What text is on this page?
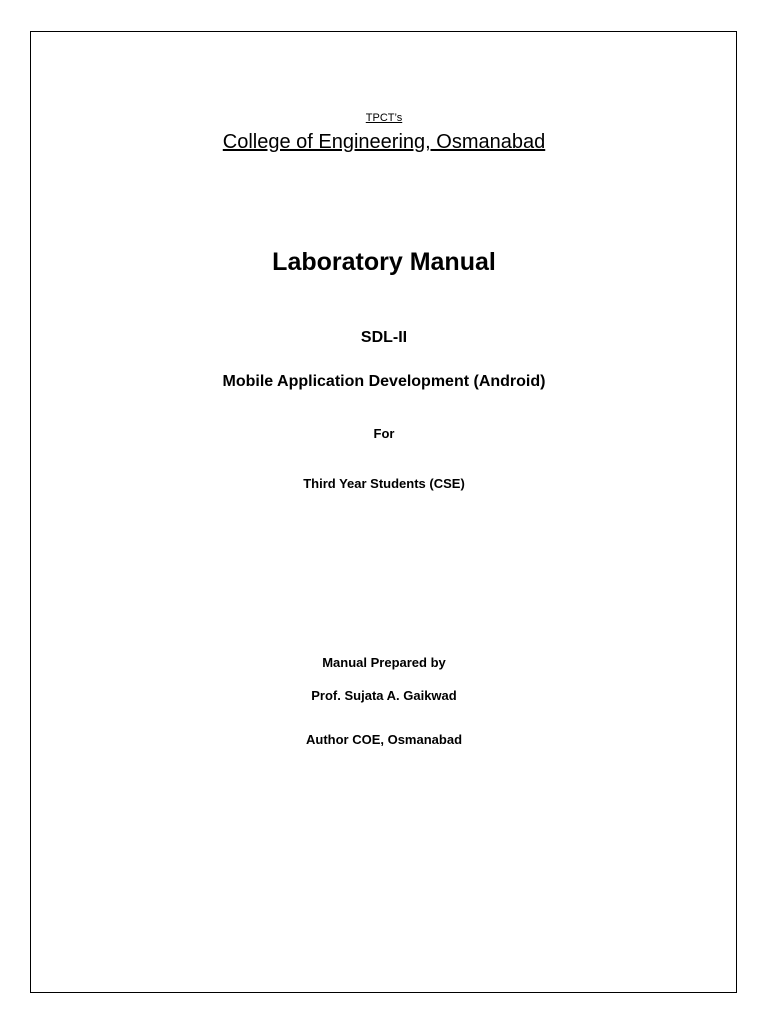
TPCT’s
College of Engineering, Osmanabad
Laboratory Manual
SDL-II
Mobile Application Development (Android)
For
Third Year Students (CSE)
Manual Prepared by
Prof. Sujata A. Gaikwad
Author COE, Osmanabad
